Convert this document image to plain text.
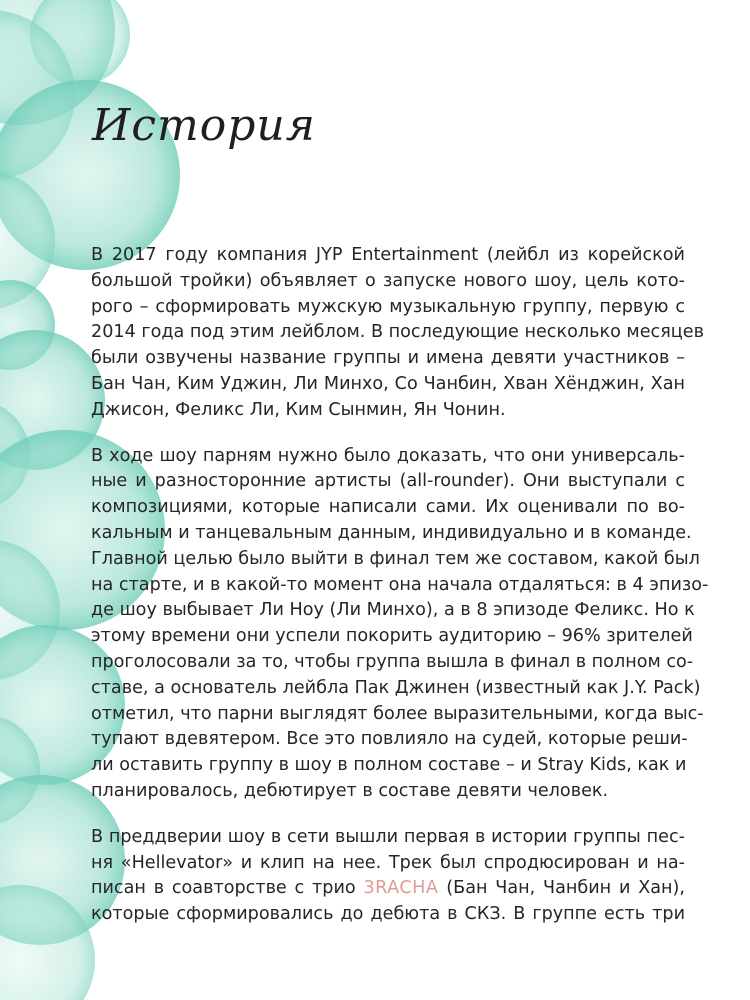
История

В 2017 году компания JYP Entertainment (лейбл из корейской
большой тройки) объявляет о запуске нового шоу, цель кото-
рого – сформировать мужскую музыкальную группу, первую с
2014 года под этим лейблом. В последующие несколько месяцев
были озвучены название группы и имена девяти участников –
Бан Чан, Ким Уджин, Ли Минхо, Со Чанбин, Хван Хёнджин, Хан
Джисон, Феликс Ли, Ким Сынмин, Ян Чонин.

В ходе шоу парням нужно было доказать, что они универсаль-
ные и разносторонние артисты (all-rounder). Они выступали с
композициями, которые написали сами. Их оценивали по во-
кальным и танцевальным данным, индивидуально и в команде.
Главной целью было выйти в финал тем же составом, какой был
на старте, и в какой-то момент она начала отдаляться: в 4 эпизо-
де шоу выбывает Ли Ноу (Ли Минхо), а в 8 эпизоде Феликс. Но к
этому времени они успели покорить аудиторию – 96% зрителей
проголосовали за то, чтобы группа вышла в финал в полном со-
ставе, а основатель лейбла Пак Джинен (известный как J.Y. Pack)
отметил, что парни выглядят более выразительными, когда выс-
тупают вдевятером. Все это повлияло на судей, которые реши-
ли оставить группу в шоу в полном составе – и Stray Kids, как и
планировалось, дебютирует в составе девяти человек.

В преддверии шоу в сети вышли первая в истории группы пес-
ня «Hellevator» и клип на нее. Трек был спродюсирован и на-
писан в соавторстве с трио 3RACHA (Бан Чан, Чанбин и Хан),
которые сформировались до дебюта в СКЗ. В группе есть три
